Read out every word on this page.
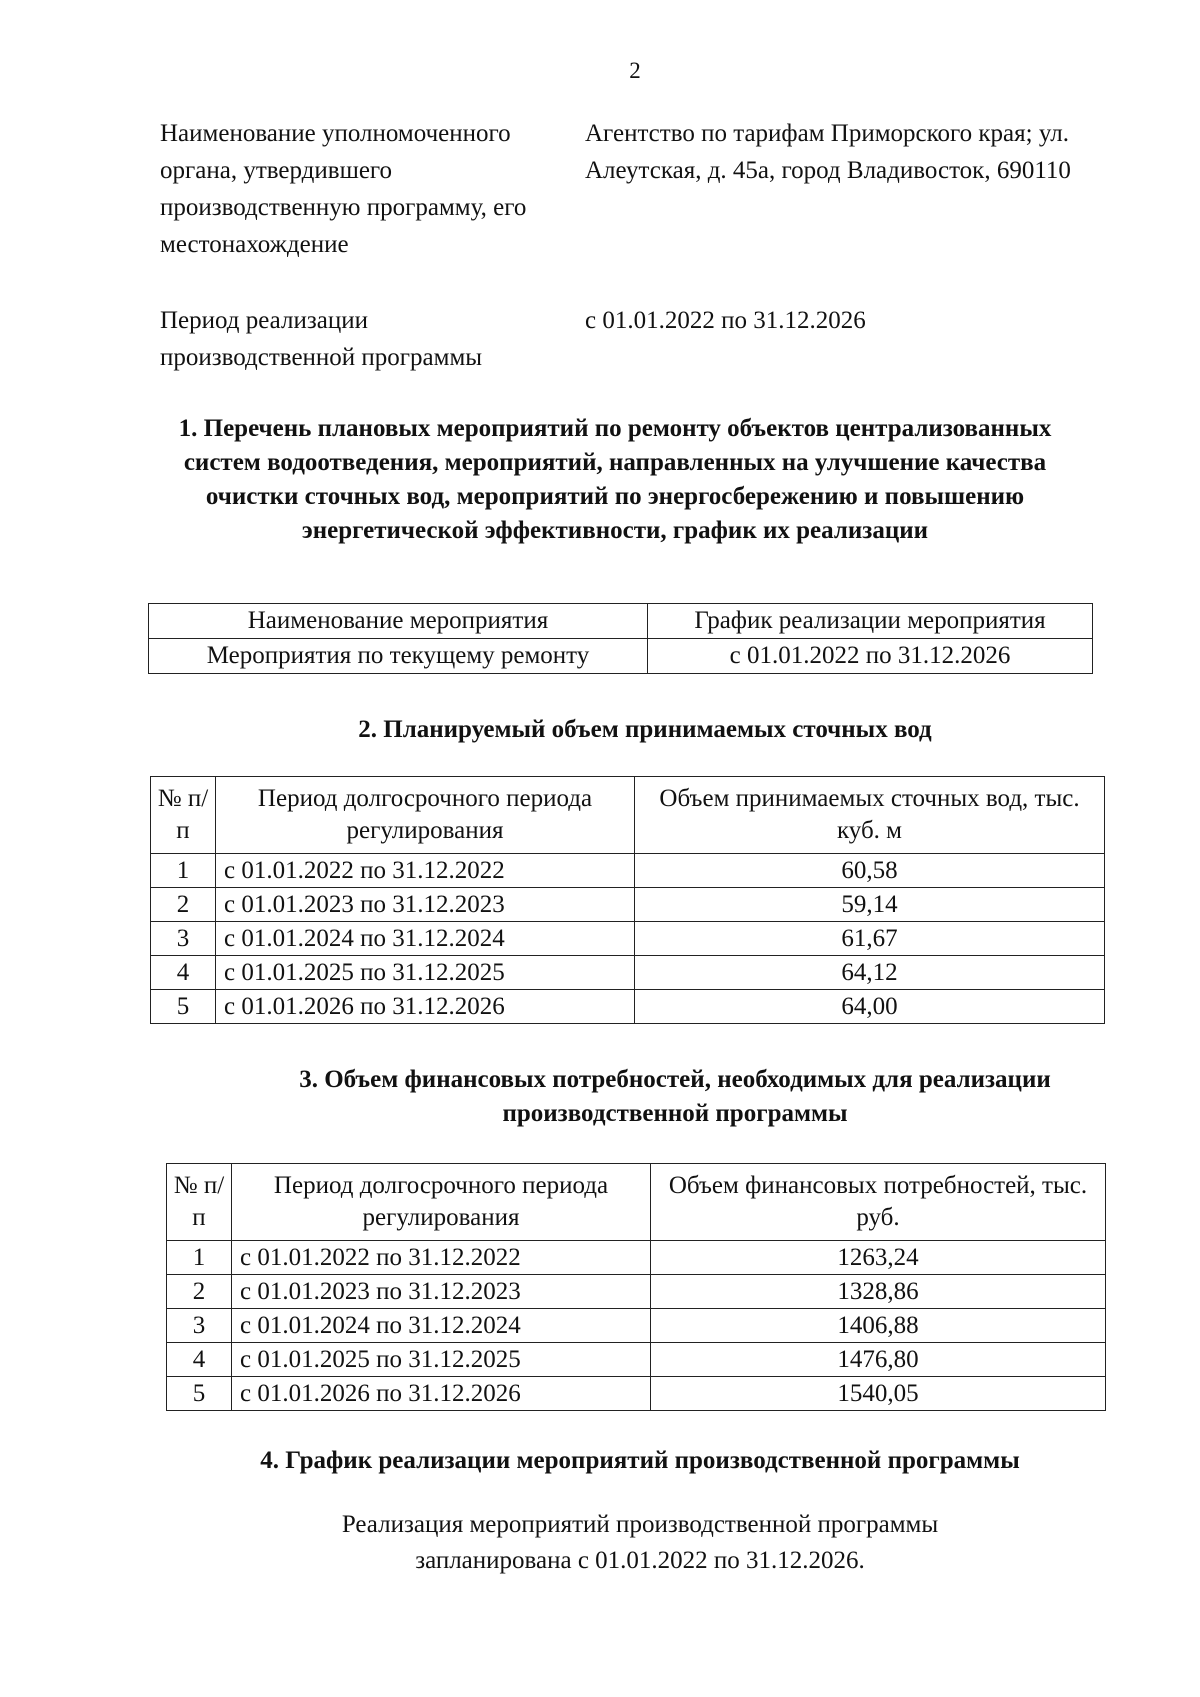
2
Наименование уполномоченного органа, утвердившего производственную программу, его местонахождение
Агентство по тарифам Приморского края; ул. Алеутская, д. 45а, город Владивосток, 690110
Период реализации производственной программы
с 01.01.2022 по 31.12.2026
1. Перечень плановых мероприятий по ремонту объектов централизованных систем водоотведения, мероприятий, направленных на улучшение качества очистки сточных вод, мероприятий по энергосбережению и повышению энергетической эффективности, график их реализации
Наименование мероприятия	График реализации мероприятия
Мероприятия по текущему ремонту	с 01.01.2022 по 31.12.2026
2. Планируемый объем принимаемых сточных вод
№ п/п	Период долгосрочного периода регулирования	Объем принимаемых сточных вод, тыс. куб. м
1	с 01.01.2022 по 31.12.2022	60,58
2	с 01.01.2023 по 31.12.2023	59,14
3	с 01.01.2024 по 31.12.2024	61,67
4	с 01.01.2025 по 31.12.2025	64,12
5	с 01.01.2026 по 31.12.2026	64,00
3. Объем финансовых потребностей, необходимых для реализации производственной программы
№ п/п	Период долгосрочного периода регулирования	Объем финансовых потребностей, тыс. руб.
1	с 01.01.2022 по 31.12.2022	1263,24
2	с 01.01.2023 по 31.12.2023	1328,86
3	с 01.01.2024 по 31.12.2024	1406,88
4	с 01.01.2025 по 31.12.2025	1476,80
5	с 01.01.2026 по 31.12.2026	1540,05
4. График реализации мероприятий производственной программы
Реализация мероприятий производственной программы запланирована с 01.01.2022 по 31.12.2026.
